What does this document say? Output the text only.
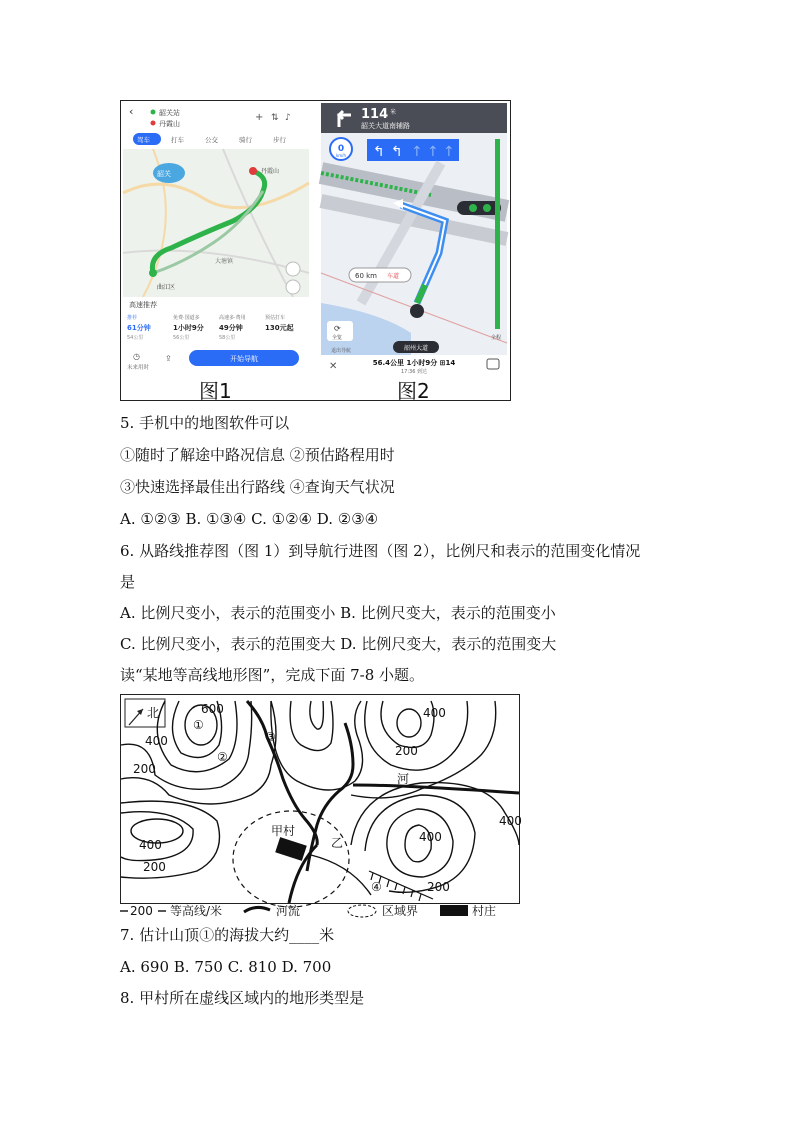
‹	韶关站
丹霞山
+ ⇅ ♪
驾车	打车	公交	骑行	步行
韶关	丹霞山
曲江区
大塘镇
高速推荐
推荐
61分钟
54公里
免费·国道多
1小时9分
56公里
高速多·费用
49分钟
58公里
预估打车
130元起
◷
未来用时
⇪	开始导航
114 米
韶关大道南辅路
0
km/h ↰ ↰ ↑ ↑ ↑
60 km 车道
全程
⟳
全览
退出导航	韶州大道
✕	56.4公里 1小时9分 ⊞14
17:36 到达
图1	图2
5. 手机中的地图软件可以
①随时了解途中路况信息 ②预估路程用时
③快速选择最佳出行路线 ④查询天气状况
A. ①②③ B. ①③④ C. ①②④ D. ②③④
6. 从路线推荐图（图 1）到导航行进图（图 2），比例尺和表示的范围变化情况
是
A. 比例尺变小，表示的范围变小 B. 比例尺变大，表示的范围变小
C. 比例尺变小，表示的范围变大 D. 比例尺变大，表示的范围变大
读“某地等高线地形图”，完成下面 7-8 小题。
北	600
400
200
400
200
400
200
400
400
200
河
甲村
乙
①
②
③
④
200 等高线/米	河流	区域界	村庄
7. 估计山顶①的海拔大约____米
A. 690 B. 750 C. 810 D. 700
8. 甲村所在虚线区域内的地形类型是
